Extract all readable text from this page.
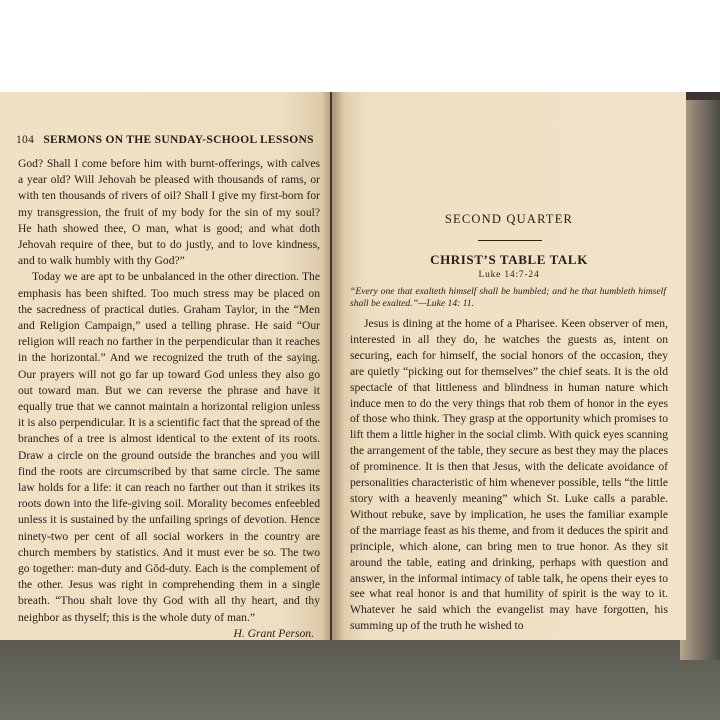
104 SERMONS ON THE SUNDAY-SCHOOL LESSONS

God? Shall I come before him with burnt-offerings, with calves a year old? Will Jehovah be pleased with thousands of rams, or with ten thousands of rivers of oil? Shall I give my first-born for my transgression, the fruit of my body for the sin of my soul? He hath showed thee, O man, what is good; and what doth Jehovah require of thee, but to do justly, and to love kindness, and to walk humbly with thy God?”

Today we are apt to be unbalanced in the other direction. The emphasis has been shifted. Too much stress may be placed on the sacredness of practical duties. Graham Taylor, in the “Men and Religion Campaign,” used a telling phrase. He said “Our religion will reach no farther in the perpendicular than it reaches in the horizontal.” And we recognized the truth of the saying. Our prayers will not go far up toward God unless they also go out toward man. But we can reverse the phrase and have it equally true that we cannot maintain a horizontal religion unless it is also perpendicular. It is a scientific fact that the spread of the branches of a tree is almost identical to the extent of its roots. Draw a circle on the ground outside the branches and you will find the roots are circumscribed by that same circle. The same law holds for a life: it can reach no farther out than it strikes its roots down into the life-giving soil. Morality becomes enfeebled unless it is sustained by the unfailing springs of devotion. Hence ninety-two per cent of all social workers in the country are church members by statistics. And it must ever be so. The two go together: man-duty and Gŏd-duty. Each is the complement of the other. Jesus was right in comprehending them in a single breath. “Thou shalt love thy God with all thy heart, and thy neighbor as thyself; this is the whole duty of man.”

H. Grant Person.

SECOND QUARTER
CHRIST’S TABLE TALK
Luke 14:7-24
“Every one that exalteth himself shall be humbled; and he that humbleth himself shall be exalted.”—Luke 14: 11.

Jesus is dining at the home of a Pharisee. Keen observer of men, interested in all they do, he watches the guests as, intent on securing, each for himself, the social honors of the occasion, they are quietly “picking out for themselves” the chief seats. It is the old spectacle of that littleness and blindness in human nature which induce men to do the very things that rob them of honor in the eyes of those who think. They grasp at the opportunity which promises to lift them a little higher in the social climb. With quick eyes scanning the arrangement of the table, they secure as best they may the places of prominence. It is then that Jesus, with the delicate avoidance of personalities characteristic of him whenever possible, tells “the little story with a heavenly meaning” which St. Luke calls a parable. Without rebuke, save by implication, he uses the familiar example of the marriage feast as his theme, and from it deduces the spirit and principle, which alone, can bring men to true honor. As they sit around the table, eating and drinking, perhaps with question and answer, in the informal intimacy of table talk, he opens their eyes to see what real honor is and that humility of spirit is the way to it. Whatever he said which the evangelist may have forgotten, his summing up of the truth he wished to
